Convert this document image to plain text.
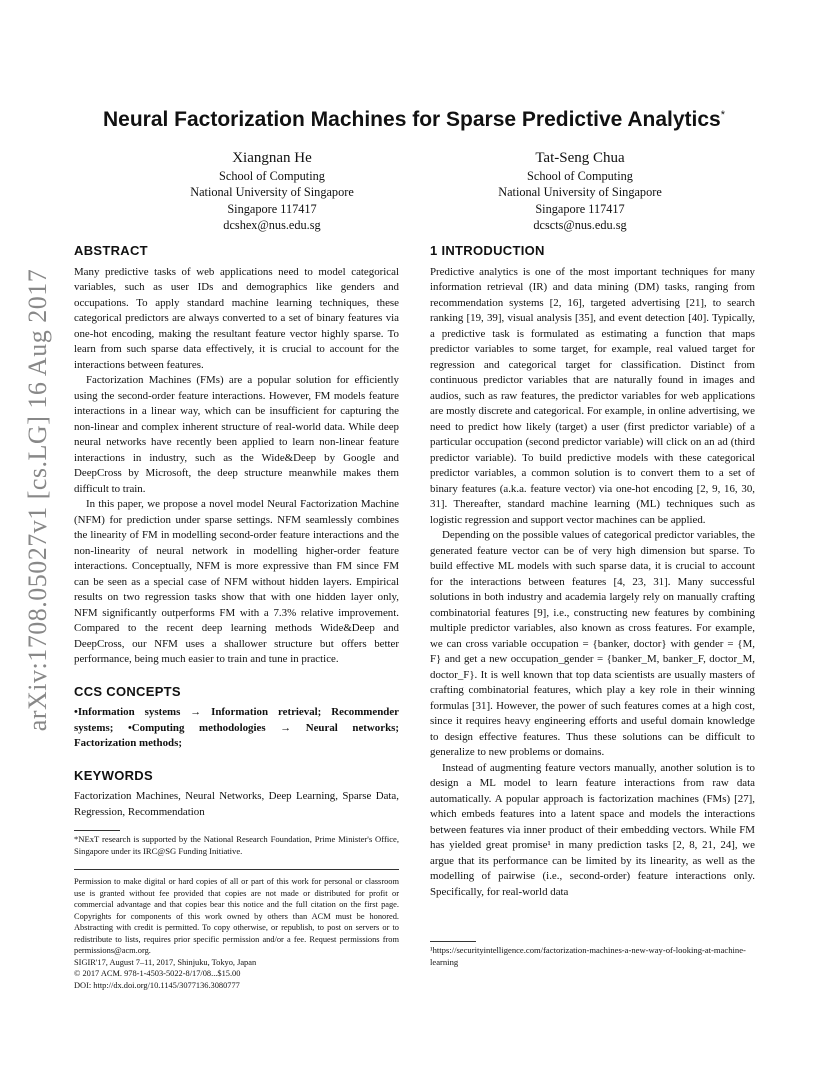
arXiv:1708.05027v1 [cs.LG] 16 Aug 2017
Neural Factorization Machines for Sparse Predictive Analytics*
Xiangnan He
School of Computing
National University of Singapore
Singapore 117417
dcshex@nus.edu.sg
Tat-Seng Chua
School of Computing
National University of Singapore
Singapore 117417
dcscts@nus.edu.sg
ABSTRACT

Many predictive tasks of web applications need to model categorical variables, such as user IDs and demographics like genders and occupations. To apply standard machine learning techniques, these categorical predictors are always converted to a set of binary features via one-hot encoding, making the resultant feature vector highly sparse. To learn from such sparse data effectively, it is crucial to account for the interactions between features.

Factorization Machines (FMs) are a popular solution for efficiently using the second-order feature interactions. However, FM models feature interactions in a linear way, which can be insufficient for capturing the non-linear and complex inherent structure of real-world data. While deep neural networks have recently been applied to learn non-linear feature interactions in industry, such as the Wide&Deep by Google and DeepCross by Microsoft, the deep structure meanwhile makes them difficult to train.

In this paper, we propose a novel model Neural Factorization Machine (NFM) for prediction under sparse settings. NFM seamlessly combines the linearity of FM in modelling second-order feature interactions and the non-linearity of neural network in modelling higher-order feature interactions. Conceptually, NFM is more expressive than FM since FM can be seen as a special case of NFM without hidden layers. Empirical results on two regression tasks show that with one hidden layer only, NFM significantly outperforms FM with a 7.3% relative improvement. Compared to the recent deep learning methods Wide&Deep and DeepCross, our NFM uses a shallower structure but offers better performance, being much easier to train and tune in practice.

CCS CONCEPTS

•Information systems → Information retrieval; Recommender systems; •Computing methodologies → Neural networks; Factorization methods;

KEYWORDS

Factorization Machines, Neural Networks, Deep Learning, Sparse Data, Regression, Recommendation

*NExT research is supported by the National Research Foundation, Prime Minister's Office, Singapore under its IRC@SG Funding Initiative.

Permission to make digital or hard copies of all or part of this work for personal or classroom use is granted without fee provided that copies are not made or distributed for profit or commercial advantage and that copies bear this notice and the full citation on the first page. Copyrights for components of this work owned by others than ACM must be honored. Abstracting with credit is permitted. To copy otherwise, or republish, to post on servers or to redistribute to lists, requires prior specific permission and/or a fee. Request permissions from permissions@acm.org.

SIGIR'17, August 7–11, 2017, Shinjuku, Tokyo, Japan

© 2017 ACM. 978-1-4503-5022-8/17/08...$15.00

DOI: http://dx.doi.org/10.1145/3077136.3080777

1 INTRODUCTION

Predictive analytics is one of the most important techniques for many information retrieval (IR) and data mining (DM) tasks, ranging from recommendation systems [2, 16], targeted advertising [21], to search ranking [19, 39], visual analysis [35], and event detection [40]. Typically, a predictive task is formulated as estimating a function that maps predictor variables to some target, for example, real valued target for regression and categorical target for classification. Distinct from continuous predictor variables that are naturally found in images and audios, such as raw features, the predictor variables for web applications are mostly discrete and categorical. For example, in online advertising, we need to predict how likely (target) a user (first predictor variable) of a particular occupation (second predictor variable) will click on an ad (third predictor variable). To build predictive models with these categorical predictor variables, a common solution is to convert them to a set of binary features (a.k.a. feature vector) via one-hot encoding [2, 9, 16, 30, 31]. Thereafter, standard machine learning (ML) techniques such as logistic regression and support vector machines can be applied.

Depending on the possible values of categorical predictor variables, the generated feature vector can be of very high dimension but sparse. To build effective ML models with such sparse data, it is crucial to account for the interactions between features [4, 23, 31]. Many successful solutions in both industry and academia largely rely on manually crafting combinatorial features [9], i.e., constructing new features by combining multiple predictor variables, also known as cross features. For example, we can cross variable occupation = {banker, doctor} with gender = {M, F} and get a new occupation_gender = {banker_M, banker_F, doctor_M, doctor_F}. It is well known that top data scientists are usually masters of crafting combinatorial features, which play a key role in their winning formulas [31]. However, the power of such features comes at a high cost, since it requires heavy engineering efforts and useful domain knowledge to design effective features. Thus these solutions can be difficult to generalize to new problems or domains.

Instead of augmenting feature vectors manually, another solution is to design a ML model to learn feature interactions from raw data automatically. A popular approach is factorization machines (FMs) [27], which embeds features into a latent space and models the interactions between features via inner product of their embedding vectors. While FM has yielded great promise¹ in many prediction tasks [2, 8, 21, 24], we argue that its performance can be limited by its linearity, as well as the modelling of pairwise (i.e., second-order) feature interactions only. Specifically, for real-world data

¹https://securityintelligence.com/factorization-machines-a-new-way-of-looking-at-machine-learning
